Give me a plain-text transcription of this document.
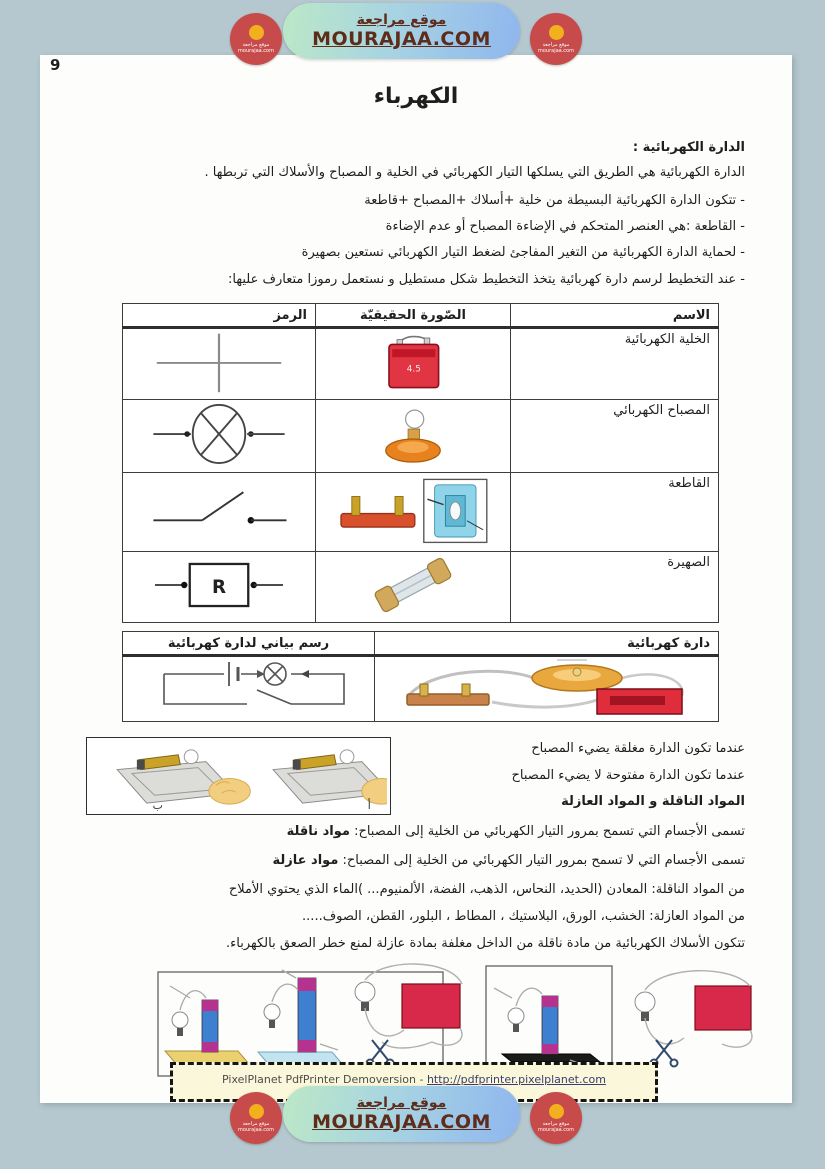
موقع مراجعة
MOURAJAA.COM
موقع مراجعة
mourajaa.com
موقع مراجعة
mourajaa.com
9
الكهرباء
الدارة الكهربائية :
الدارة الكهربائية هي الطريق التي يسلكها التيار الكهربائي في الخلية و المصباح والأسلاك التي تربطها .
- تتكون الدارة الكهربائية البسيطة من خلية +أسلاك +المصباح +قاطعة
- القاطعة :هي العنصر المتحكم في الإضاءة المصباح أو عدم الإضاءة
- لحماية الدارة الكهربائية من التغير المفاجئ لضغط التيار الكهربائي نستعين بصهيرة
- عند التخطيط لرسم دارة كهربائية يتخذ التخطيط شكل مستطيل و نستعمل رموزا متعارف عليها:
الاسم	الصّورة الحقيقيّة	الرمز
الخلية الكهربائية	4.5

المصباح الكهربائي		
القاطعة		
الصهيرة		R
دارة كهربائية	رسم بياني لدارة كهربائية

ب	أ
عندما تكون الدارة مغلقة يضيء المصباح
عندما تكون الدارة مفتوحة لا يضيء المصباح
المواد الناقلة و المواد العازلة
تسمى الأجسام التي تسمح بمرور التيار الكهربائي من الخلية إلى المصباح: مواد ناقلة
تسمى الأجسام التي لا تسمح بمرور التيار الكهربائي من الخلية إلى المصباح: مواد عازلة
من المواد الناقلة: المعادن (الحديد، النحاس، الذهب، الفضة، الألمنيوم... )الماء الذي يحتوي الأملاح
من المواد العازلة: الخشب، الورق، البلاستيك ، المطاط ، البلور، القطن، الصوف.....
تتكون الأسلاك الكهربائية من مادة ناقلة من الداخل مغلفة بمادة عازلة لمنع خطر الصعق بالكهرباء.
PixelPlanet PdfPrinter Demoversion - http://pdfprinter.pixelplanet.com
موقع مراجعة
MOURAJAA.COM
موقع مراجعة
mourajaa.com
موقع مراجعة
mourajaa.com
